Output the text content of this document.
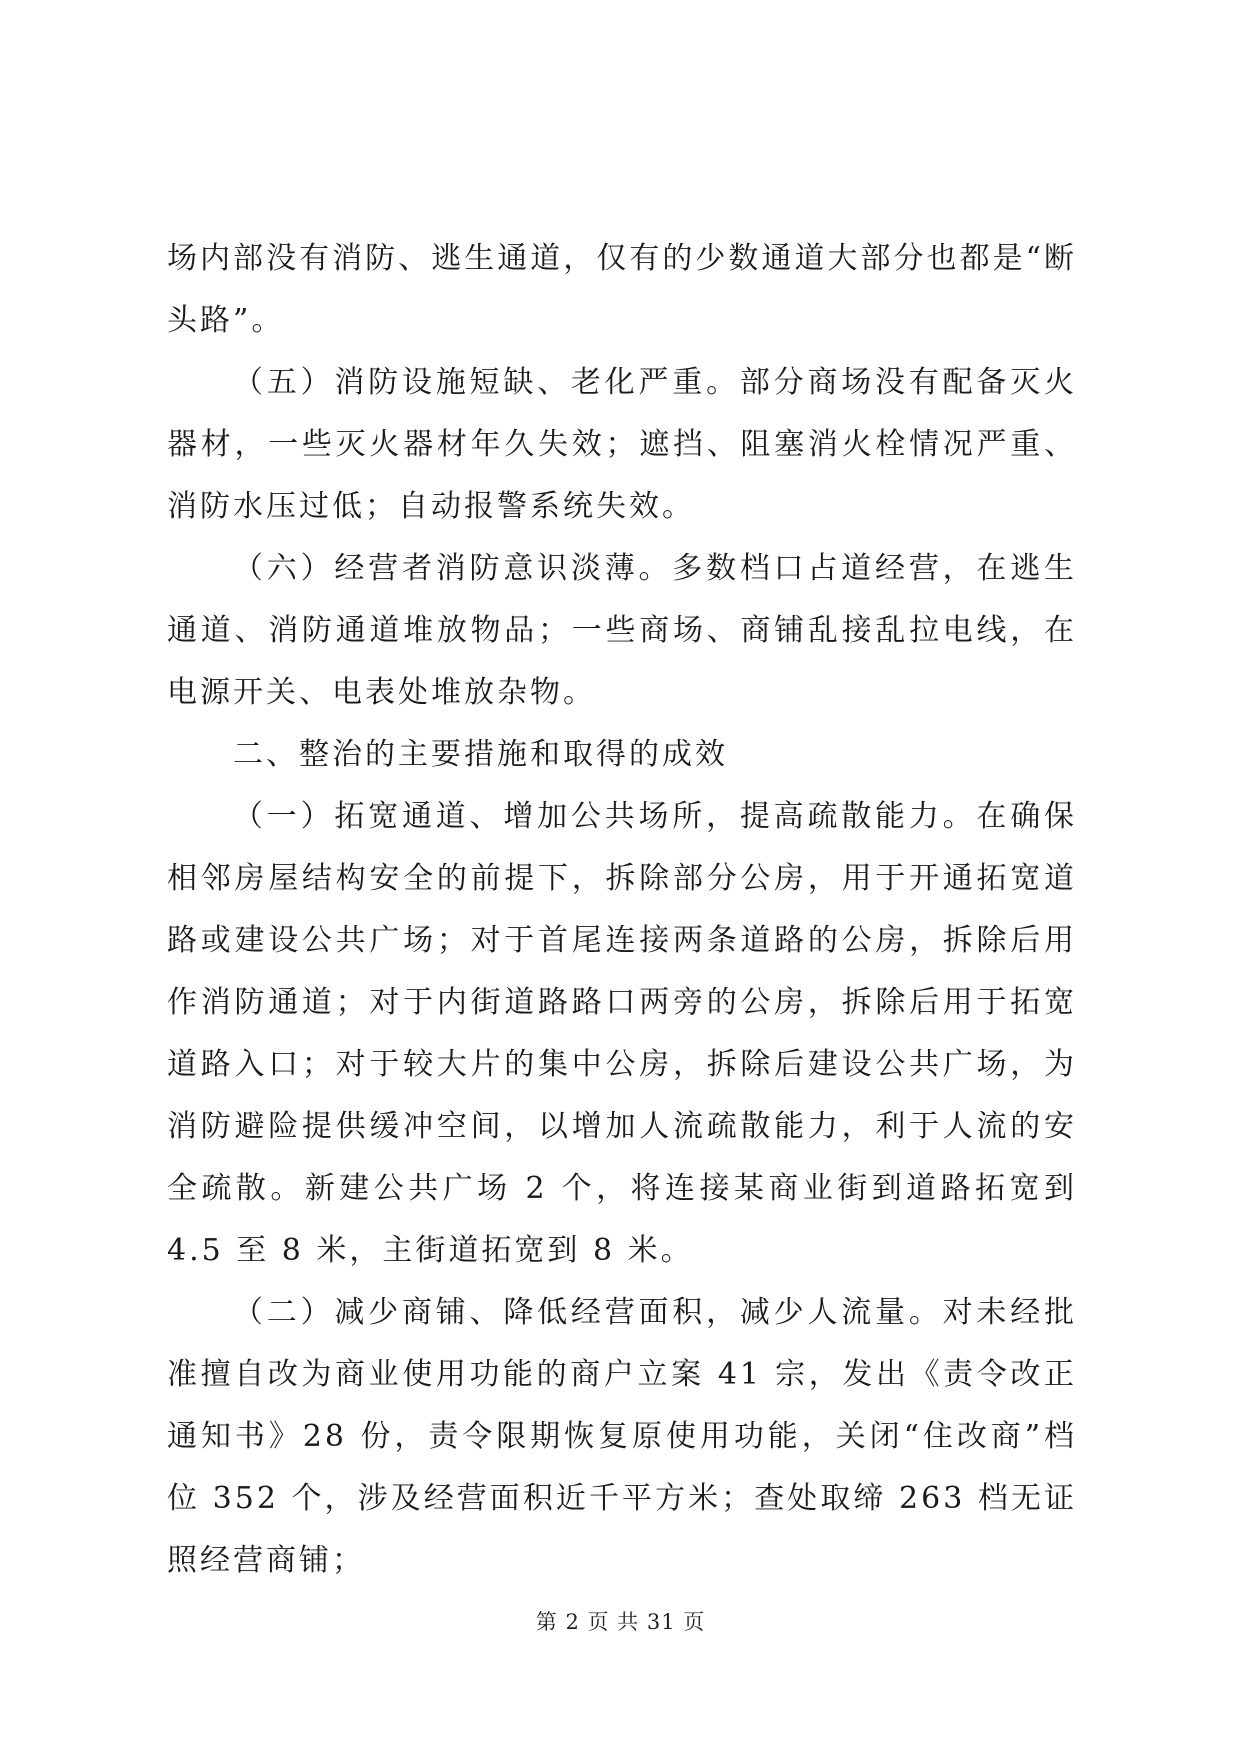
场内部没有消防、逃生通道，仅有的少数通道大部分也都是“断头路”。

（五）消防设施短缺、老化严重。部分商场没有配备灭火器材，一些灭火器材年久失效；遮挡、阻塞消火栓情况严重、消防水压过低；自动报警系统失效。

（六）经营者消防意识淡薄。多数档口占道经营，在逃生通道、消防通道堆放物品；一些商场、商铺乱接乱拉电线，在电源开关、电表处堆放杂物。

二、整治的主要措施和取得的成效

（一）拓宽通道、增加公共场所，提高疏散能力。在确保相邻房屋结构安全的前提下，拆除部分公房，用于开通拓宽道路或建设公共广场；对于首尾连接两条道路的公房，拆除后用作消防通道；对于内街道路路口两旁的公房，拆除后用于拓宽道路入口；对于较大片的集中公房，拆除后建设公共广场，为消防避险提供缓冲空间，以增加人流疏散能力，利于人流的安全疏散。新建公共广场 2 个，将连接某商业街到道路拓宽到 4.5 至 8 米，主街道拓宽到 8 米。

（二）减少商铺、降低经营面积，减少人流量。对未经批准擅自改为商业使用功能的商户立案 41 宗，发出《责令改正通知书》28 份，责令限期恢复原使用功能，关闭“住改商”档位 352 个，涉及经营面积近千平方米；查处取缔 263 档无证照经营商铺；

第 2 页 共 31 页
